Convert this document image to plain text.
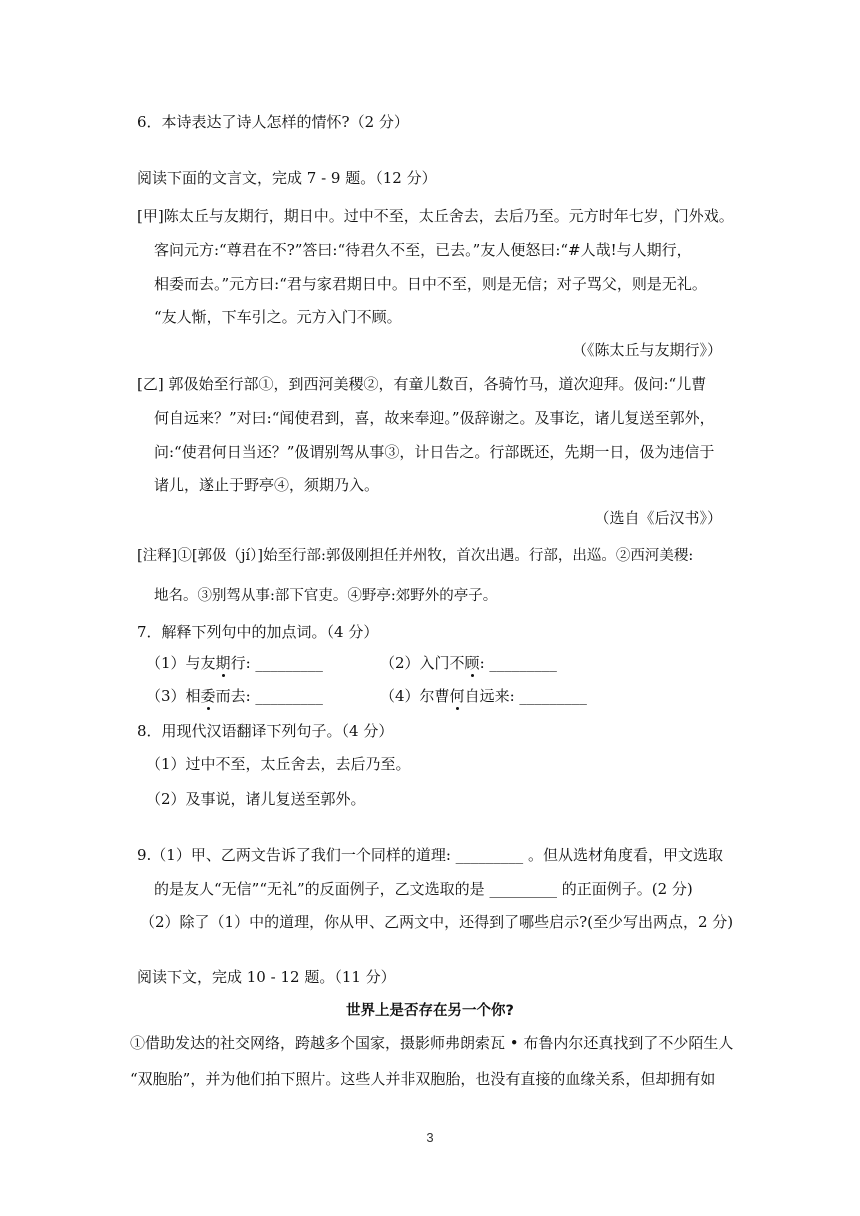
6．本诗表达了诗人怎样的情怀?（2 分）
阅读下面的文言文，完成 7 - 9 题。（12 分）
[甲]陈太丘与友期行，期日中。过中不至，太丘舍去，去后乃至。元方时年七岁，门外戏。
客问元方:“尊君在不?”答曰:“待君久不至，已去。”友人便怒曰:“#人哉!与人期行，
相委而去。”元方曰:“君与家君期日中。日中不至，则是无信；对子骂父，则是无礼。
“友人惭，下车引之。元方入门不顾。
（《陈太丘与友期行》）
[乙] 郭伋始至行部①，到西河美稷②，有童儿数百，各骑竹马，道次迎拜。伋问:“儿曹
何自远来？”对曰:“闻使君到，喜，故来奉迎。”伋辞谢之。及事讫，诸儿复送至郭外，
问:“使君何日当还？”伋谓别驾从事③，计日告之。行部既还，先期一日，伋为违信于
诸儿，遂止于野亭④，须期乃入。
（选自《后汉书》）
[注释]①[郭伋（jí）]始至行部:郭伋刚担任并州牧，首次出遇。行部，出巡。②西河美稷:
地名。③别驾从事:部下官吏。④野亭:郊野外的亭子。
7．解释下列句中的加点词。（4 分）
（1）与友期行: _________	（2）入门不顾: _________
（3）相委而去: _________	（4）尔曹何自远来: _________
8．用现代汉语翻译下列句子。（4 分）
（1）过中不至，太丘舍去，去后乃至。
（2）及事说，诸儿复送至郭外。
9.（1）甲、乙两文告诉了我们一个同样的道理: _________ 。但从选材角度看，甲文选取
的是友人“无信”“无礼”的反面例子，乙文选取的是 _________ 的正面例子。(2 分)
（2）除了（1）中的道理，你从甲、乙两文中，还得到了哪些启示?(至少写出两点，2 分)
阅读下文，完成 10 - 12 题。（11 分）
世界上是否存在另一个你?
①借助发达的社交网络，跨越多个国家，摄影师弗朗索瓦 • 布鲁内尔还真找到了不少陌生人
“双胞胎”，并为他们拍下照片。这些人并非双胞胎，也没有直接的血缘关系，但却拥有如
3
